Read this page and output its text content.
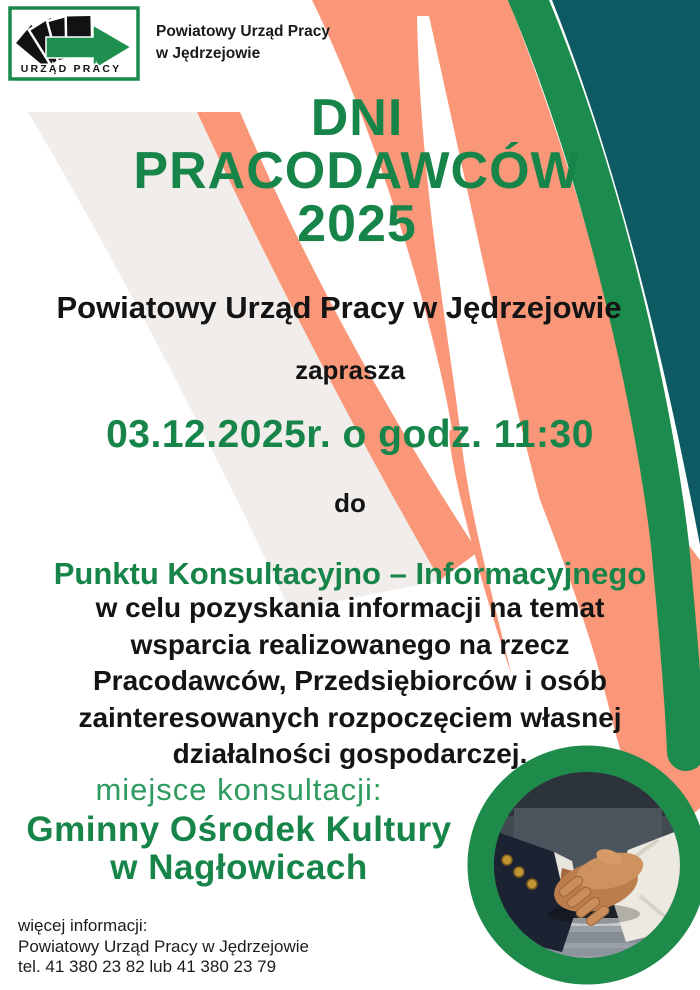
URZĄD PRACY
Powiatowy Urząd Pracy
w Jędrzejowie
DNI
PRACODAWCÓW
2025
Powiatowy Urząd Pracy w Jędrzejowie
zaprasza
03.12.2025r. o godz. 11:30
do
Punktu Konsultacyjno – Informacyjnego
w celu pozyskania informacji na temat
wsparcia realizowanego na rzecz
Pracodawców, Przedsiębiorców i osób
zainteresowanych rozpoczęciem własnej
działalności gospodarczej.
miejsce konsultacji:
Gminny Ośrodek Kultury
w Nagłowicach
więcej informacji:
Powiatowy Urząd Pracy w Jędrzejowie
tel. 41 380 23 82 lub 41 380 23 79
